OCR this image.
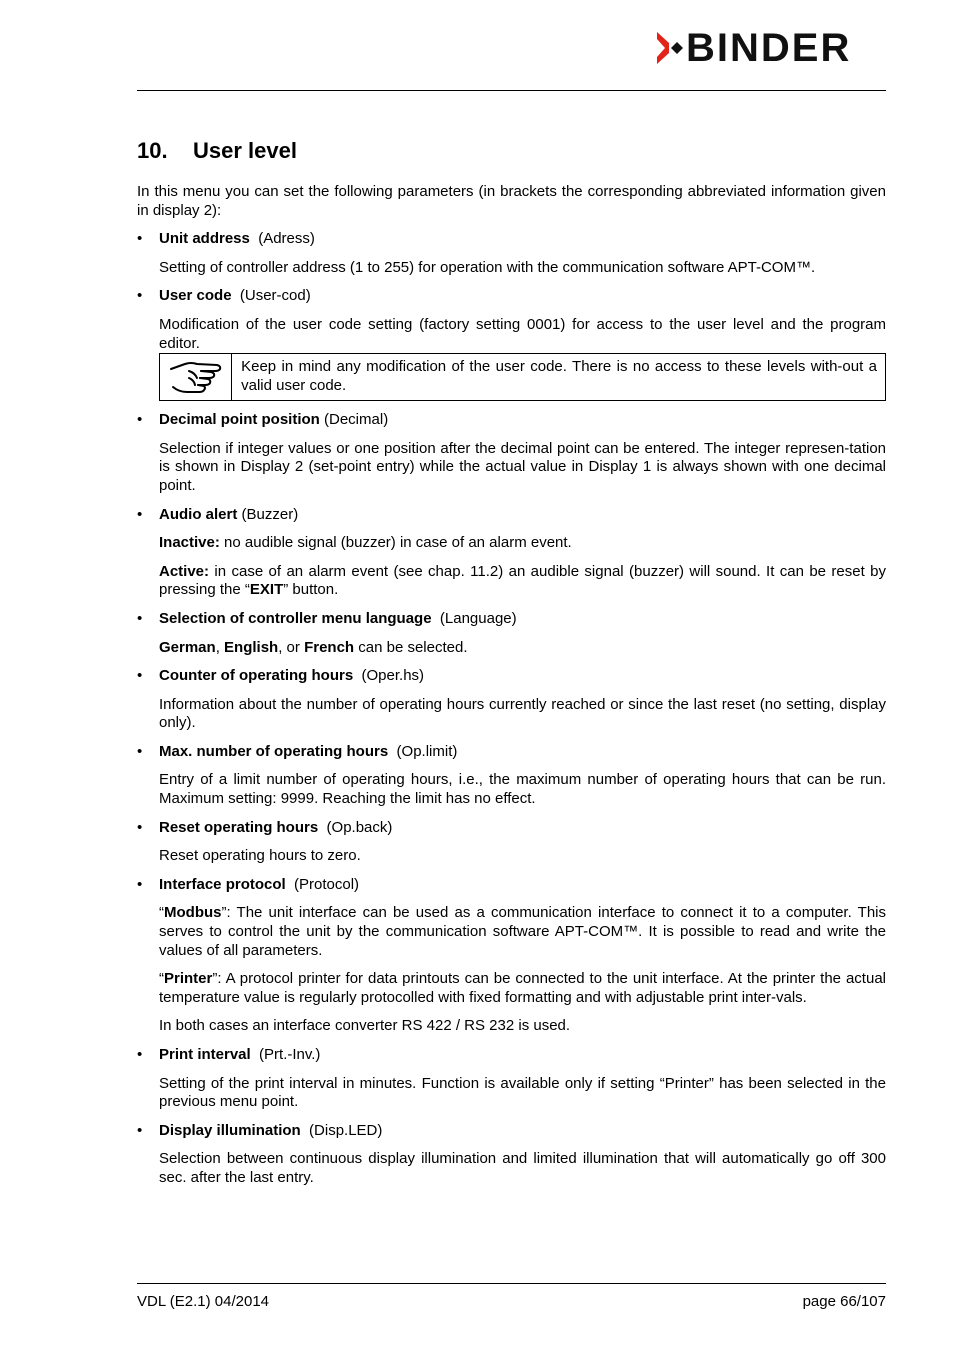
BINDER
10. User level

In this menu you can set the following parameters (in brackets the corresponding abbreviated information given in display 2):

• Unit address (Adress)

Setting of controller address (1 to 255) for operation with the communication software APT-COM™.

• User code (User-cod)

Modification of the user code setting (factory setting 0001) for access to the user level and the program editor.

Keep in mind any modification of the user code. There is no access to these levels with-out a valid user code.
• Decimal point position (Decimal)

Selection if integer values or one position after the decimal point can be entered. The integer represen-tation is shown in Display 2 (set-point entry) while the actual value in Display 1 is always shown with one decimal point.

• Audio alert (Buzzer)

Inactive: no audible signal (buzzer) in case of an alarm event.

Active: in case of an alarm event (see chap. 11.2) an audible signal (buzzer) will sound. It can be reset by pressing the “EXIT” button.

• Selection of controller menu language (Language)

German, English, or French can be selected.

• Counter of operating hours (Oper.hs)

Information about the number of operating hours currently reached or since the last reset (no setting, display only).

• Max. number of operating hours (Op.limit)

Entry of a limit number of operating hours, i.e., the maximum number of operating hours that can be run. Maximum setting: 9999. Reaching the limit has no effect.

• Reset operating hours (Op.back)

Reset operating hours to zero.

• Interface protocol (Protocol)

“Modbus”: The unit interface can be used as a communication interface to connect it to a computer. This serves to control the unit by the communication software APT-COM™. It is possible to read and write the values of all parameters.

“Printer”: A protocol printer for data printouts can be connected to the unit interface. At the printer the actual temperature value is regularly protocolled with fixed formatting and with adjustable print inter-vals.

In both cases an interface converter RS 422 / RS 232 is used.

• Print interval (Prt.-Inv.)

Setting of the print interval in minutes. Function is available only if setting “Printer” has been selected in the previous menu point.

• Display illumination (Disp.LED)

Selection between continuous display illumination and limited illumination that will automatically go off 300 sec. after the last entry.

VDL (E2.1) 04/2014	page 66/107
